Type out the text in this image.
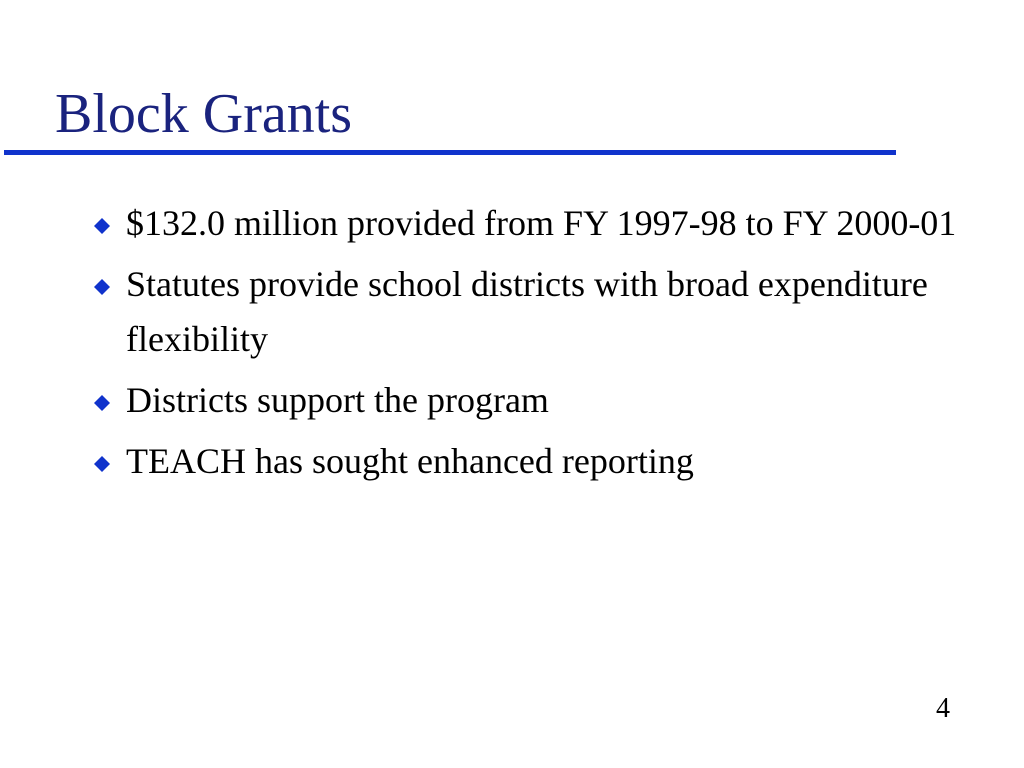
Block Grants
$132.0 million provided from FY 1997-98 to FY 2000-01
Statutes provide school districts with broad expenditure flexibility
Districts support the program
TEACH has sought enhanced reporting
4
